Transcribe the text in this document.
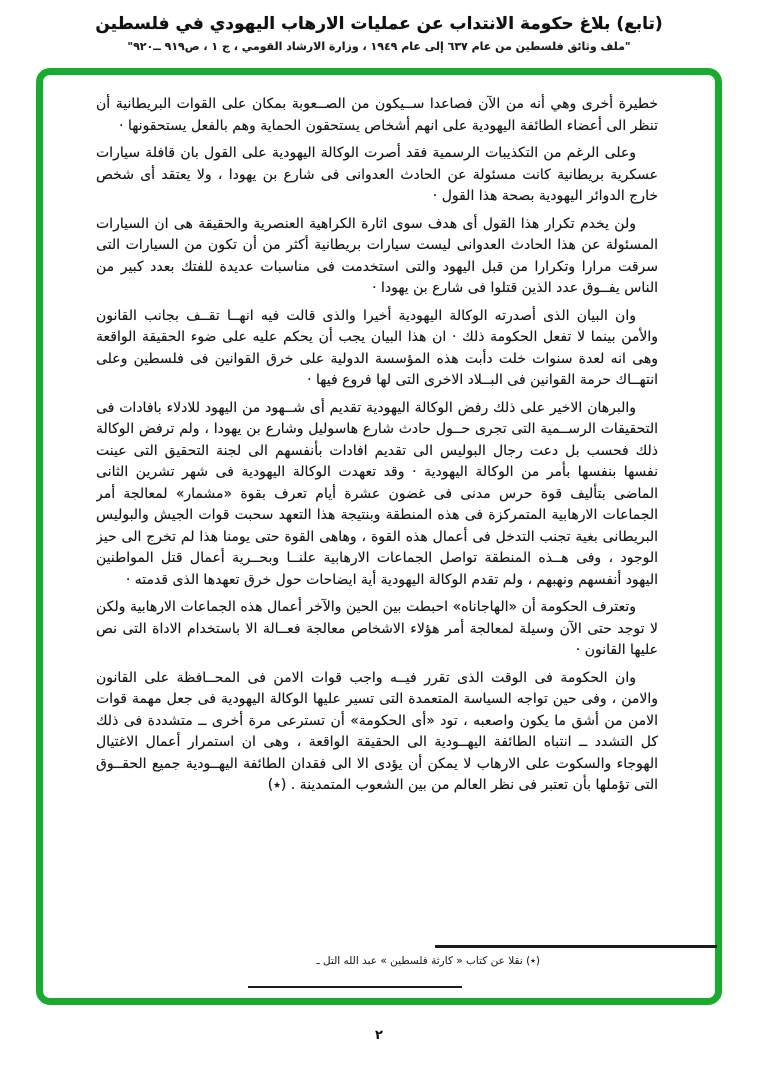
(تابع) بلاغ حكومة الانتداب عن عمليات الارهاب اليهودي في فلسطين
"ملف وثائق فلسطين من عام ٦٣٧ إلى عام ١٩٤٩ ، وزارة الارشاد القومي ، ج ١ ، ص٩١٩ ــ٩٢٠"

خطيرة أخرى وهي أنه من الآن فصاعدا ســيكون من الصــعوبة بمكان على القوات البريطانية أن تنظر الى أعضاء الطائفة اليهودية على انهم أشخاص يستحقون الحماية وهم بالفعل يستحقونها ·

وعلى الرغم من التكذيبات الرسمية فقد أصرت الوكالة اليهودية على القول بان قافلة سيارات عسكرية بريطانية كانت مسئولة عن الحادث العدوانى فى شارع بن يهودا ، ولا يعتقد أى شخص خارج الدوائر اليهودية بصحة هذا القول ·

ولن يخدم تكرار هذا القول أى هدف سوى اثارة الكراهية العنصرية والحقيقة هى ان السيارات المسئولة عن هذا الحادث العدوانى ليست سيارات بريطانية أكثر من أن تكون من السيارات التى سرقت مرارا وتكرارا من قبل اليهود والتى استخدمت فى مناسبات عديدة للفتك بعدد كبير من الناس يفــوق عدد الذين قتلوا فى شارع بن يهودا ·

وان البيان الذى أصدرته الوكالة اليهودية أخيرا والذى قالت فيه انهــا تقــف بجانب القانون والأمن بينما لا تفعل الحكومة ذلك · ان هذا البيان يجب أن يحكم عليه على ضوء الحقيقة الواقعة وهى انه لعدة سنوات خلت دأبت هذه المؤسسة الدولية على خرق القوانين فى فلسطين وعلى انتهــاك حرمة القوانين فى البــلاد الاخرى التى لها فروع فيها ·

والبرهان الاخير على ذلك رفض الوكالة اليهودية تقديم أى شــهود من اليهود للادلاء بافادات فى التحقيقات الرســمية التى تجرى حــول حادث شارع هاسوليل وشارع بن يهودا ، ولم ترفض الوكالة ذلك فحسب بل دعت رجال البوليس الى تقديم افادات بأنفسهم الى لجنة التحقيق التى عينت نفسها بنفسها بأمر من الوكالة اليهودية · وقد تعهدت الوكالة اليهودية فى شهر تشرين الثانى الماضى بتأليف قوة حرس مدنى فى غضون عشرة أيام تعرف بقوة «مشمار» لمعالجة أمر الجماعات الارهابية المتمركزة فى هذه المنطقة وبنتيجة هذا التعهد سحبت قوات الجيش والبوليس البريطانى بغية تجنب التدخل فى أعمال هذه القوة ، وهاهى القوة حتى يومنا هذا لم تخرج الى حيز الوجود ، وفى هــذه المنطقة تواصل الجماعات الارهابية علنــا وبحــرية أعمال قتل المواطنين اليهود أنفسهم ونهبهم ، ولم تقدم الوكالة اليهودية أية ايضاحات حول خرق تعهدها الذى قدمته ·

وتعترف الحكومة أن «الهاجاناه» احبطت بين الحين والآخر أعمال هذه الجماعات الارهابية ولكن لا توجد حتى الآن وسيلة لمعالجة أمر هؤلاء الاشخاص معالجة فعــالة الا باستخدام الاداة التى نص عليها القانون ·

وان الحكومة فى الوقت الذى تقرر فيــه واجب قوات الامن فى المحــافظة على القانون والامن ، وفى حين تواجه السياسة المتعمدة التى تسير عليها الوكالة اليهودية فى جعل مهمة قوات الامن من أشق ما يكون واصعبه ، تود «أى الحكومة» أن تسترعى مرة أخرى ــ متشددة فى ذلك كل التشدد ــ انتباه الطائفة اليهــودية الى الحقيقة الواقعة ، وهى ان استمرار أعمال الاغتيال الهوجاء والسكوت على الارهاب لا يمكن أن يؤدى الا الى فقدان الطائفة اليهــودية جميع الحقــوق التى تؤملها بأن تعتبر فى نظر العالم من بين الشعوب المتمدينة . (٭)

(٭) نقلا عن كتاب « كارثة فلسطين » عبد الله التل ـ
٢
